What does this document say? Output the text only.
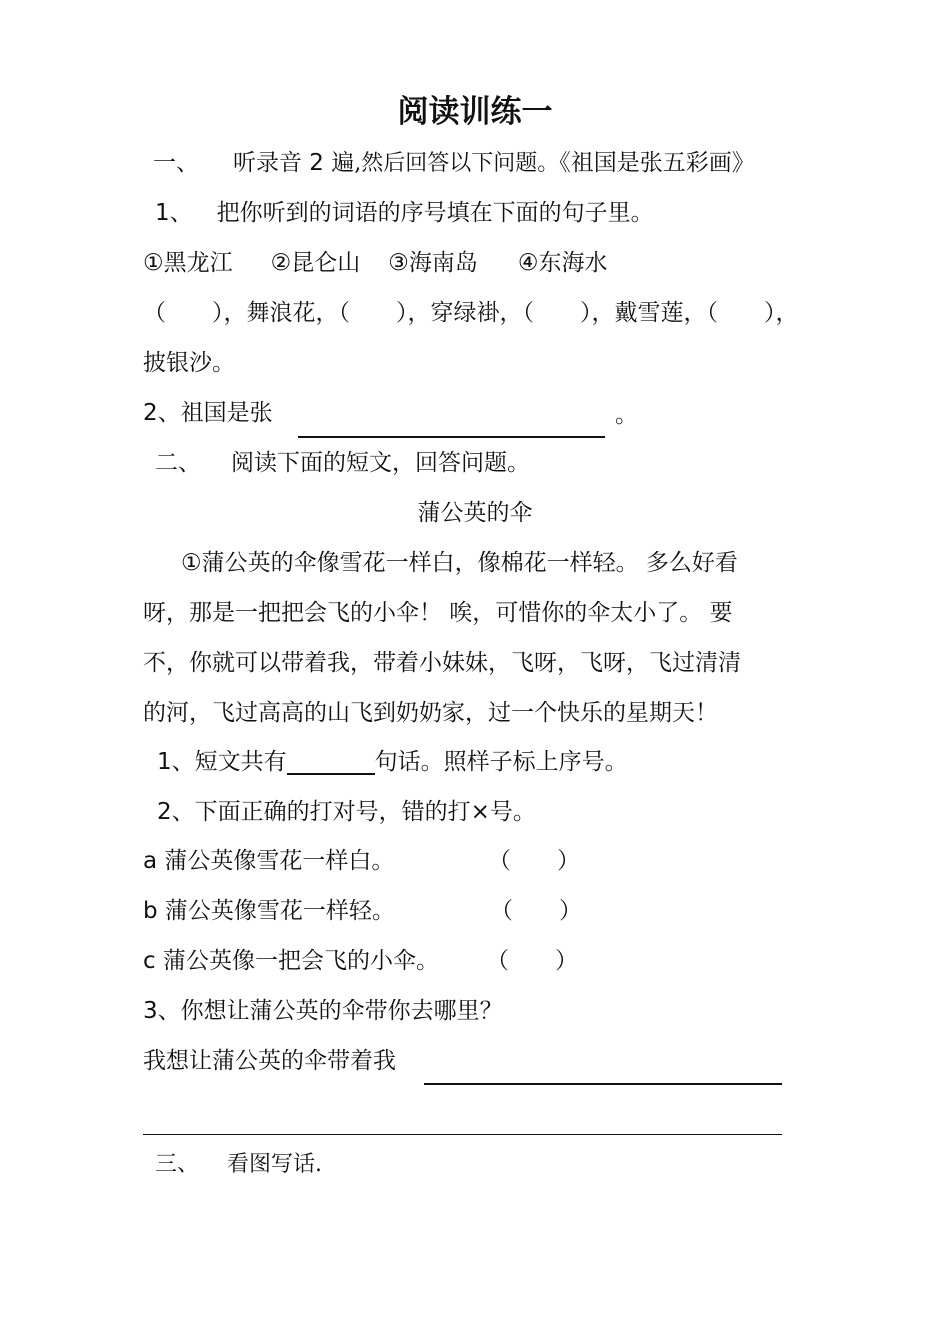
阅读训练一
一、 听录音 2 遍,然后回答以下问题。《祖国是张五彩画》
1、 把你听到的词语的序号填在下面的句子里。
①黑龙江 ②昆仑山 ③海南岛 ④东海水
（　　），舞浪花，（　　），穿绿褂，（　　），戴雪莲，（　　），
披银沙。
2、祖国是张	。
二、 阅读下面的短文，回答问题。
蒲公英的伞
①蒲公英的伞像雪花一样白，像棉花一样轻。 多么好看
呀，那是一把把会飞的小伞！ 唉，可惜你的伞太小了。 要
不，你就可以带着我，带着小妹妹，飞呀，飞呀，飞过清清
的河，飞过高高的山飞到奶奶家，过一个快乐的星期天！
1、短文共有	句话。照样子标上序号。
2、下面正确的打对号，错的打×号。
a 蒲公英像雪花一样白。	（　　）
b 蒲公英像雪花一样轻。	（　　）
c 蒲公英像一把会飞的小伞。 （　　）
3、你想让蒲公英的伞带你去哪里？
我想让蒲公英的伞带着我
三、 看图写话.
